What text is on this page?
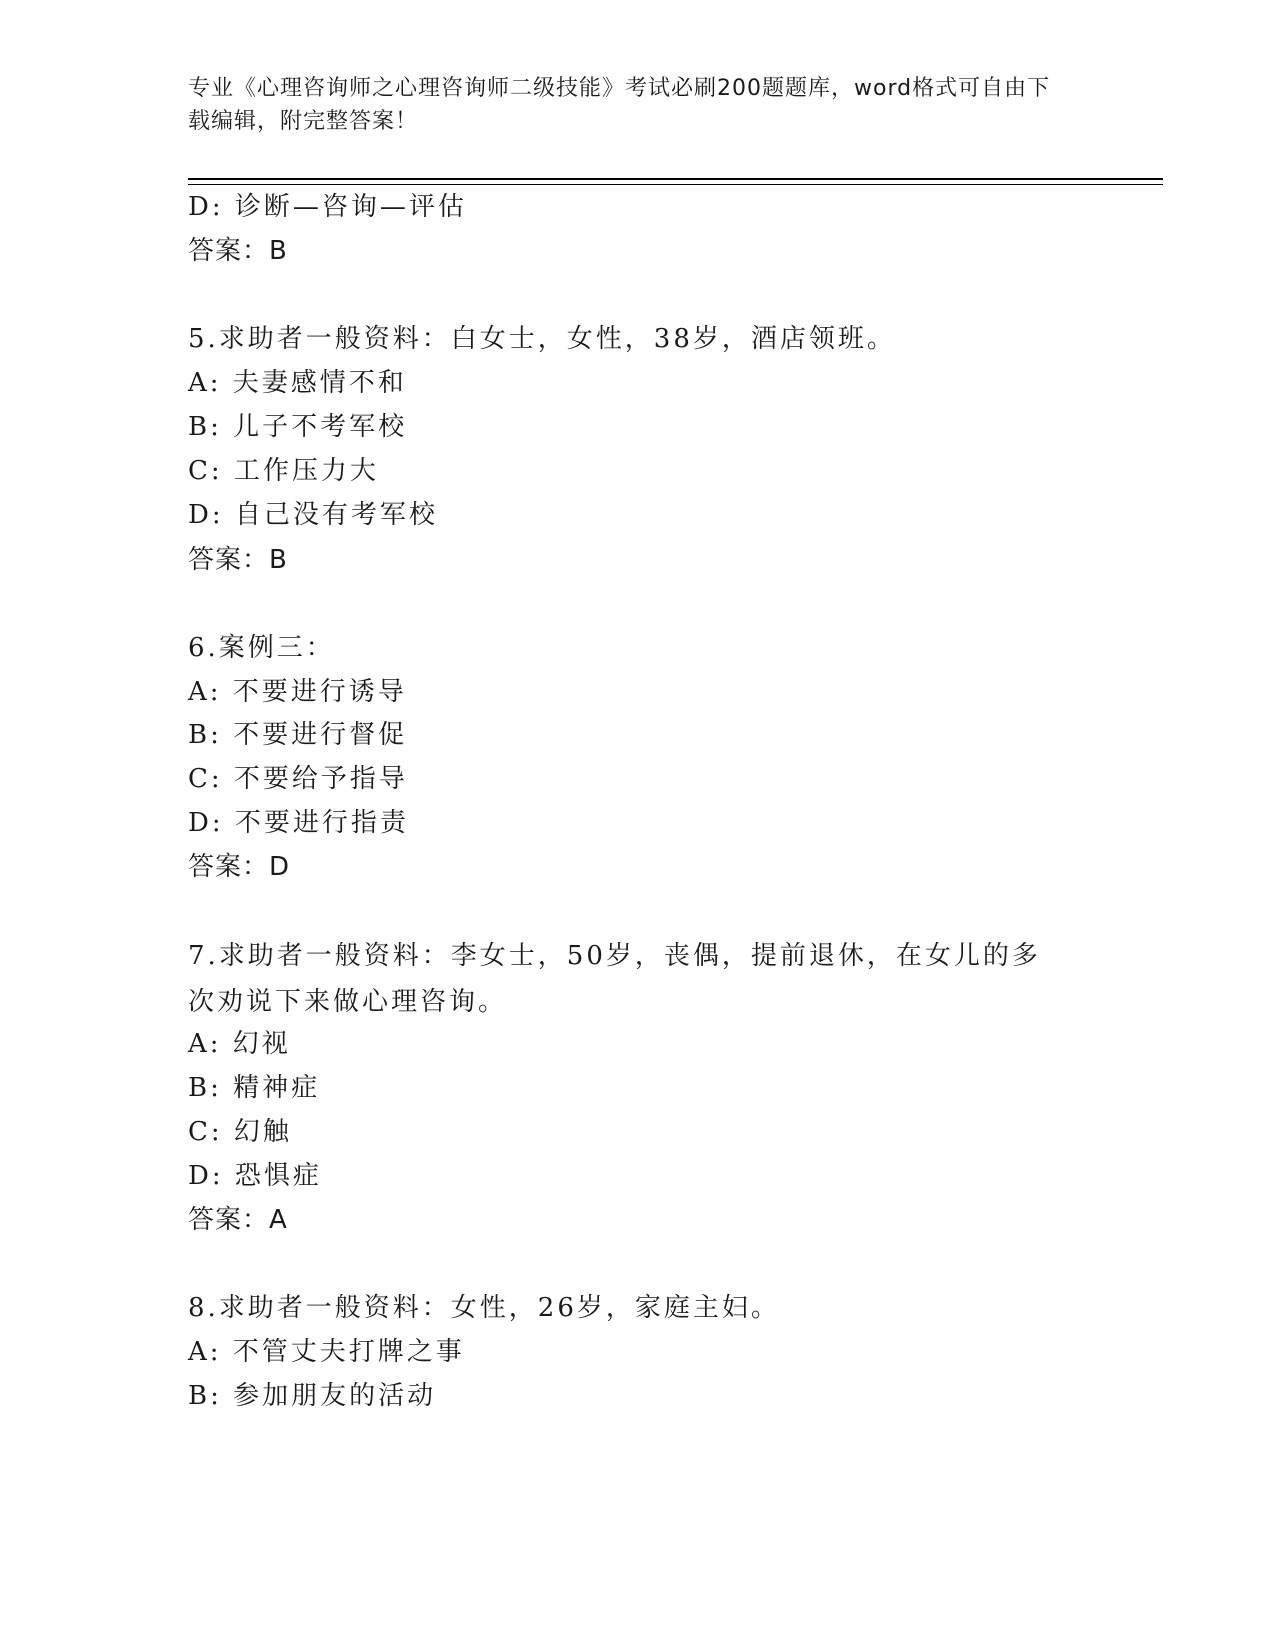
专业《心理咨询师之心理咨询师二级技能》考试必刷200题题库，word格式可自由下载编辑，附完整答案！

D: 诊断—咨询—评估
答案：B
5.求助者一般资料：白女士，女性，38岁，酒店领班。
A: 夫妻感情不和
B: 儿子不考军校
C: 工作压力大
D: 自己没有考军校
答案：B
6.案例三：
A: 不要进行诱导
B: 不要进行督促
C: 不要给予指导
D: 不要进行指责
答案：D
7.求助者一般资料：李女士，50岁，丧偶，提前退休，在女儿的多次劝说下来做心理咨询。
A: 幻视
B: 精神症
C: 幻触
D: 恐惧症
答案：A
8.求助者一般资料：女性，26岁，家庭主妇。
A: 不管丈夫打牌之事
B: 参加朋友的活动
